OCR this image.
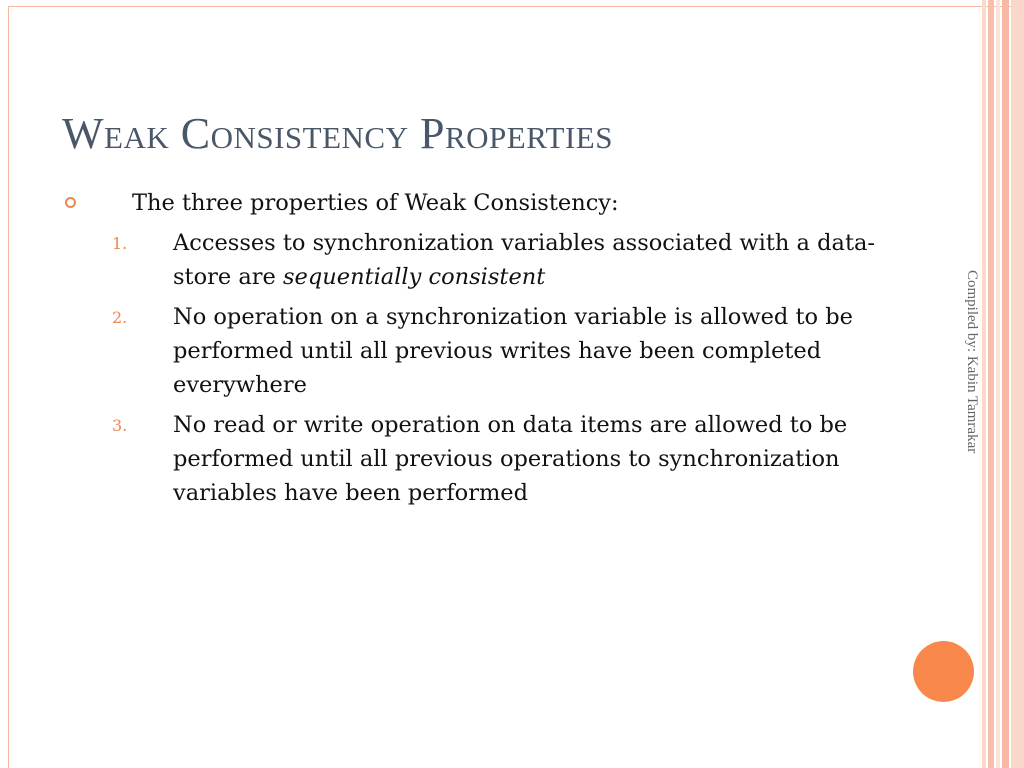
Weak Consistency Properties
The three properties of Weak Consistency:
1. Accesses to synchronization variables associated with a data-store are sequentially consistent
2. No operation on a synchronization variable is allowed to be performed until all previous writes have been completed everywhere
3. No read or write operation on data items are allowed to be performed until all previous operations to synchronization variables have been performed
Compiled by: Kabin Tamrakar
